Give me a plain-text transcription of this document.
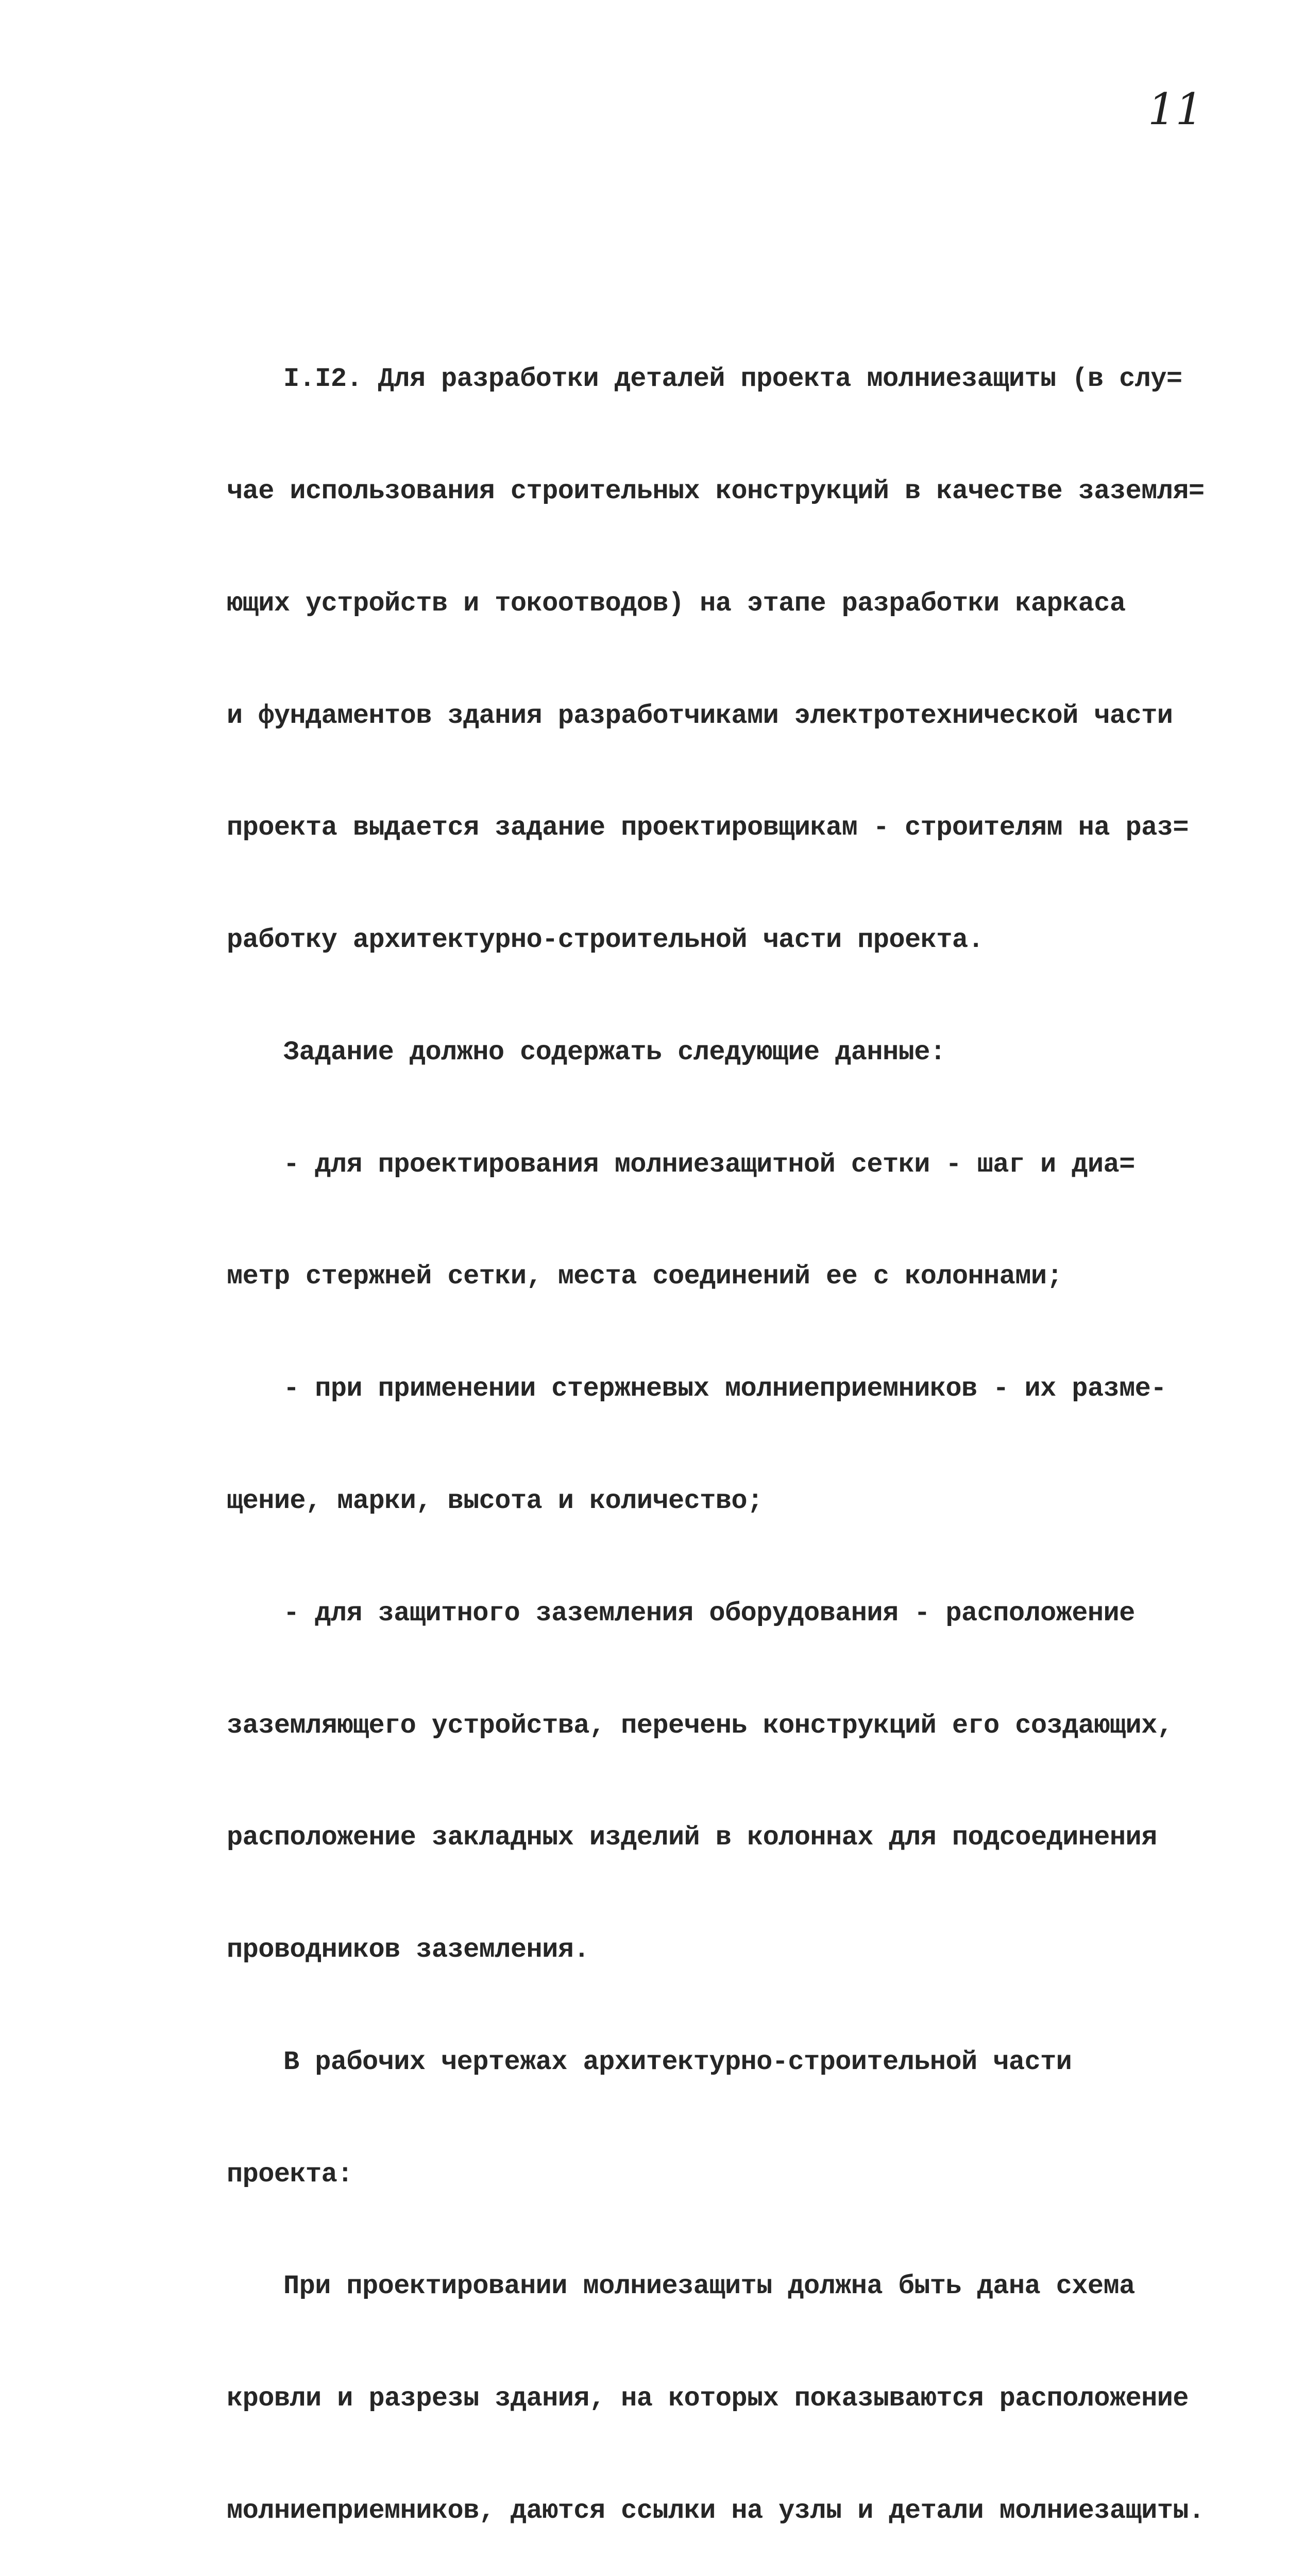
11

I.I2. Для разработки деталей проекта молниезащиты (в слу=

чае использования строительных конструкций в качестве заземля=

ющих устройств и токоотводов) на этапе разработки каркаса

и фундаментов здания разработчиками электротехнической части

проекта выдается задание проектировщикам - строителям на раз=

работку архитектурно-строительной части проекта.

Задание должно содержать следующие данные:

- для проектирования молниезащитной сетки - шаг и диа=

метр стержней сетки, места соединений ее с колоннами;

- при применении стержневых молниеприемников - их разме-

щение, марки, высота и количество;

- для защитного заземления оборудования - расположение

заземляющего устройства, перечень конструкций его создающих,

расположение закладных изделий в колоннах для подсоединения

проводников заземления.

В рабочих чертежах архитектурно-строительной части

проекта:

При проектировании молниезащиты должна быть дана схема

кровли и разрезы здания, на которых показываются расположение

молниеприемников, даются ссылки на узлы и детали молниезащиты.
